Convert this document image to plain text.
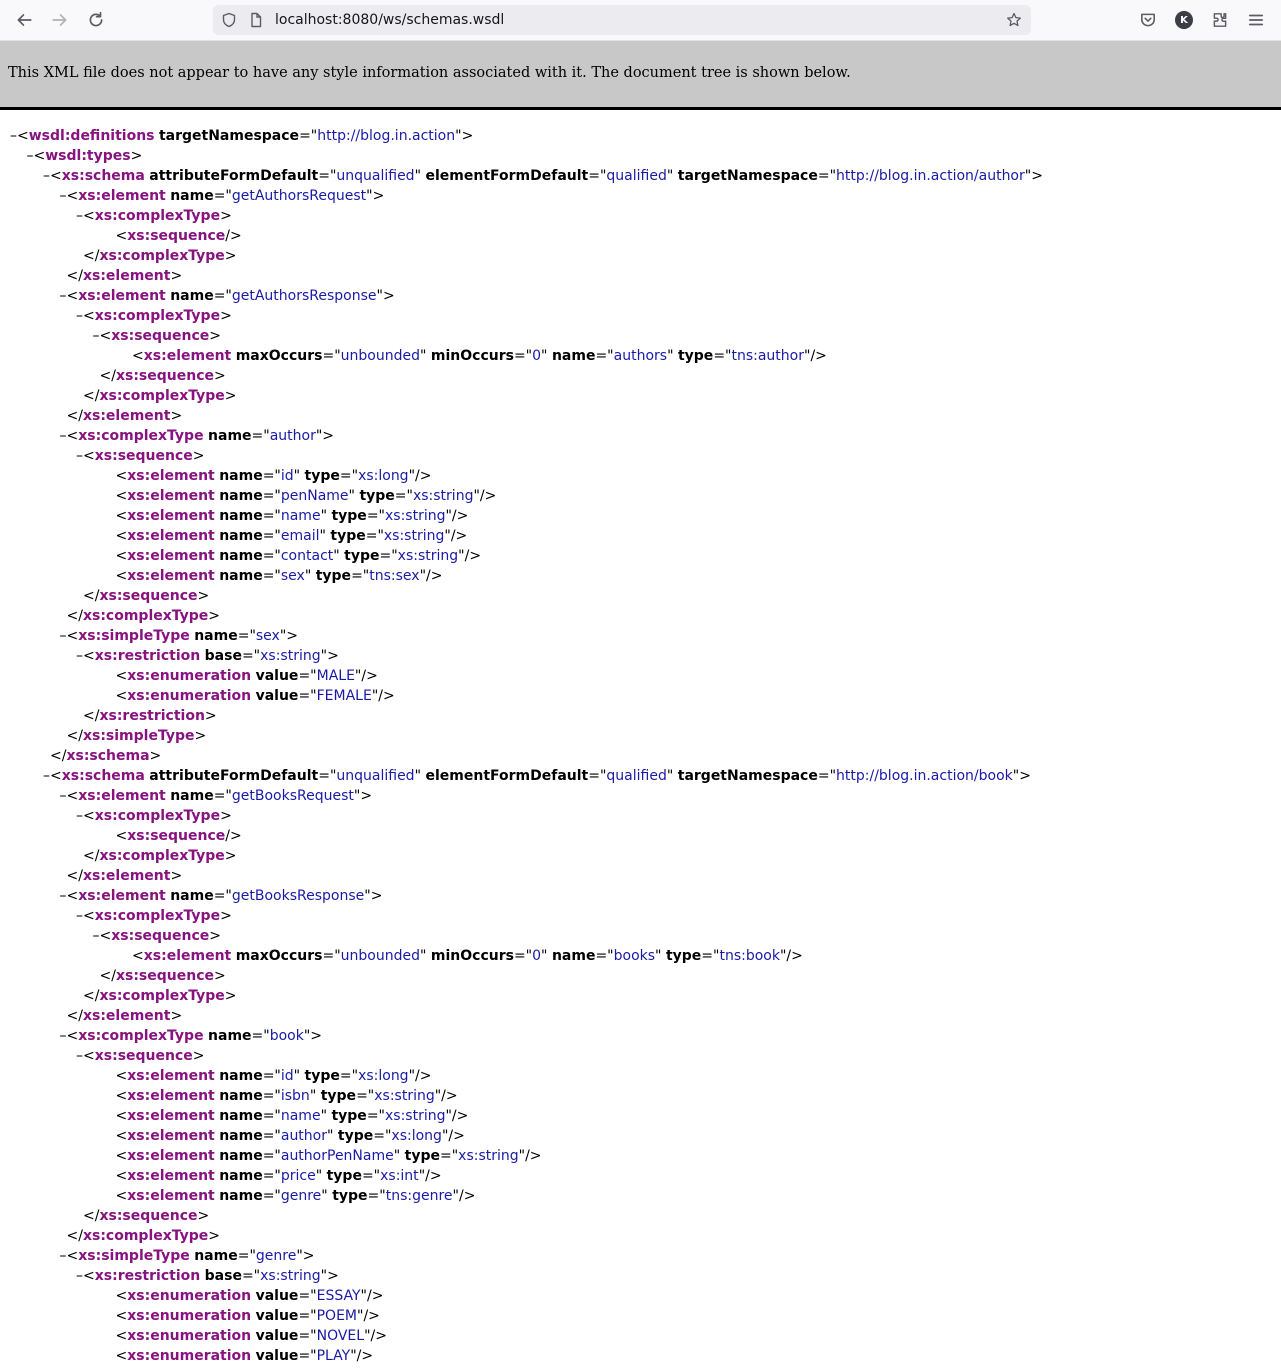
localhost:8080/ws/schemas.wsdl	K
This XML file does not appear to have any style information associated with it. The document tree is shown below.
–<wsdl:definitions targetNamespace="http://blog.in.action">
–<wsdl:types>
–<xs:schema attributeFormDefault="unqualified" elementFormDefault="qualified" targetNamespace="http://blog.in.action/author">
–<xs:element name="getAuthorsRequest">
–<xs:complexType>
<xs:sequence/>
</xs:complexType>
</xs:element>
–<xs:element name="getAuthorsResponse">
–<xs:complexType>
–<xs:sequence>
<xs:element maxOccurs="unbounded" minOccurs="0" name="authors" type="tns:author"/>
</xs:sequence>
</xs:complexType>
</xs:element>
–<xs:complexType name="author">
–<xs:sequence>
<xs:element name="id" type="xs:long"/>
<xs:element name="penName" type="xs:string"/>
<xs:element name="name" type="xs:string"/>
<xs:element name="email" type="xs:string"/>
<xs:element name="contact" type="xs:string"/>
<xs:element name="sex" type="tns:sex"/>
</xs:sequence>
</xs:complexType>
–<xs:simpleType name="sex">
–<xs:restriction base="xs:string">
<xs:enumeration value="MALE"/>
<xs:enumeration value="FEMALE"/>
</xs:restriction>
</xs:simpleType>
</xs:schema>
–<xs:schema attributeFormDefault="unqualified" elementFormDefault="qualified" targetNamespace="http://blog.in.action/book">
–<xs:element name="getBooksRequest">
–<xs:complexType>
<xs:sequence/>
</xs:complexType>
</xs:element>
–<xs:element name="getBooksResponse">
–<xs:complexType>
–<xs:sequence>
<xs:element maxOccurs="unbounded" minOccurs="0" name="books" type="tns:book"/>
</xs:sequence>
</xs:complexType>
</xs:element>
–<xs:complexType name="book">
–<xs:sequence>
<xs:element name="id" type="xs:long"/>
<xs:element name="isbn" type="xs:string"/>
<xs:element name="name" type="xs:string"/>
<xs:element name="author" type="xs:long"/>
<xs:element name="authorPenName" type="xs:string"/>
<xs:element name="price" type="xs:int"/>
<xs:element name="genre" type="tns:genre"/>
</xs:sequence>
</xs:complexType>
–<xs:simpleType name="genre">
–<xs:restriction base="xs:string">
<xs:enumeration value="ESSAY"/>
<xs:enumeration value="POEM"/>
<xs:enumeration value="NOVEL"/>
<xs:enumeration value="PLAY"/>
